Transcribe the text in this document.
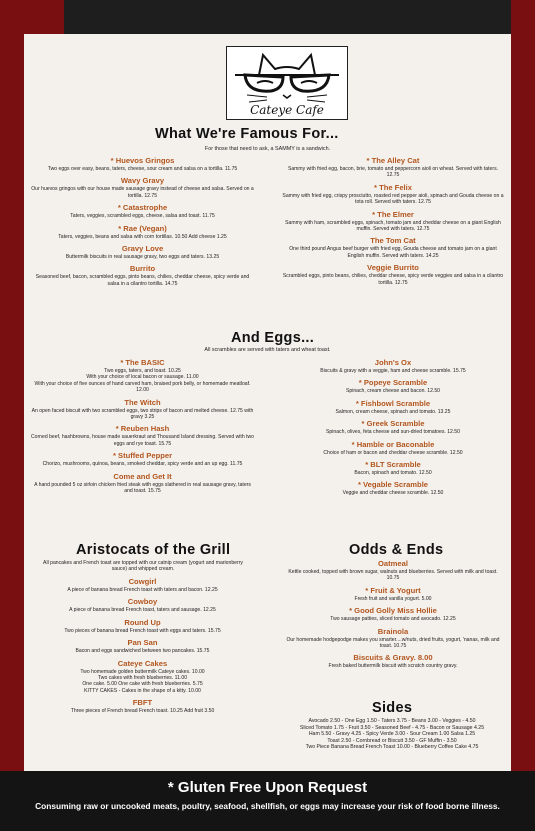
Cateye Cafe
What We're Famous For...
For those that need to ask, a SAMMY is a sandwich.
* Huevos Gringos
Two eggs over easy, beans, taters, cheese, sour cream and salsa on a tortilla. 11.75
Wavy Gravy
Our huevos gringos with our house made sausage gravy instead of cheese and salsa. Served on a tortilla. 12.75
* Catastrophe
Taters, veggies, scrambled eggs, cheese, salsa and toast. 11.75
* Rae (Vegan)
Taters, veggies, beans and salsa with corn tortillas. 10.50 Add cheese 1.25
Gravy Love
Buttermilk biscuits in real sausage gravy, two eggs and taters. 13.25
Burrito
Seasoned beef, bacon, scrambled eggs, pinto beans, chilies, cheddar cheese, spicy verde and salsa in a cilantro tortilla. 14.75
* The Alley Cat
Sammy with fried egg, bacon, brie, tomato and peppercorn aioli on wheat. Served with taters. 12.75
* The Felix
Sammy with fried egg, crispy prosciutto, roasted red pepper aioli, spinach and Gouda cheese on a tota roll. Served with taters. 12.75
* The Elmer
Sammy with ham, scrambled eggs, spinach, tomato jam and cheddar cheese on a giant English muffin. Served with taters. 12.75
The Tom Cat
One third pound Angus beef burger with fried egg, Gouda cheese and tomato jam on a giant English muffin. Served with taters. 14.25
Veggie Burrito
Scrambled eggs, pinto beans, chilies, cheddar cheese, spicy verde veggies and salsa in a cilantro tortilla. 12.75
And Eggs...
All scrambles are served with taters and wheat toast.
* The BASIC
Two eggs, taters, and toast. 10.25
With your choice of local bacon or sausage. 11.00
With your choice of five ounces of hand carved ham, braised pork belly, or homemade meatloaf. 12.00
The Witch
An open faced biscuit with two scrambled eggs, two strips of bacon and melted cheese. 12.75 with gravy 3.25
* Reuben Hash
Corned beef, hashbrowns, house made sauerkraut and Thousand Island dressing. Served with two eggs and rye toast. 15.75
* Stuffed Pepper
Chorizo, mushrooms, quinoa, beans, smoked cheddar, spicy verde and an up egg. 11.75
Come and Get It
A hand pounded 5 oz sirloin chicken fried steak with eggs slathered in real sausage gravy, taters and toast. 15.75
John's Ox
Biscuits & gravy with a veggie, ham and cheese scramble. 15.75
* Popeye Scramble
Spinach, cream cheese and bacon. 12.50
* Fishbowl Scramble
Salmon, cream cheese, spinach and tomato. 13.25
* Greek Scramble
Spinach, olives, feta cheese and sun-dried tomatoes. 12.50
* Hamble or Baconable
Choice of ham or bacon and cheddar cheese scramble. 12.50
* BLT Scramble
Bacon, spinach and tomato. 12.50
* Vegable Scramble
Veggie and cheddar cheese scramble. 12.50
Aristocats of the Grill
All pancakes and French toast are topped with our catnip cream (yogurt and marionberry sauce) and whipped cream.
Cowgirl
A piece of banana bread French toast with taters and bacon. 12.25
Cowboy
A piece of banana bread French toast, taters and sausage. 12.25
Round Up
Two pieces of banana bread French toast with eggs and taters. 15.75
Pan San
Bacon and eggs sandwiched between two pancakes. 15.75
Cateye Cakes
Two homemade golden buttermilk Cateye cakes. 10.00
Two cakes with fresh blueberries. 11.00
One cake. 5.00 One cake with fresh blueberries. 5.75
KITTY CAKES - Cakes in the shape of a kitty. 10.00
FBFT
Three pieces of French bread French toast. 10.25 Add fruit 3.50
Odds & Ends
Oatmeal
Kettle cooked, topped with brown sugar, walnuts and blueberries. Served with milk and toast. 10.75
* Fruit & Yogurt
Fresh fruit and vanilla yogurt. 5.00
* Good Golly Miss Hollie
Two sausage patties, sliced tomato and avocado. 12.25
Brainola
Our homemade hodgepodge makes you smarter....w/nuts, dried fruits, yogurt, 'nanas, milk and toast. 10.75
Biscuits & Gravy. 8.00
Fresh baked buttermilk biscuit with scratch country gravy.
Sides
Avocado 2.50 - One Egg 1.50 - Taters 3.75 - Beans 3.00 - Veggies - 4.50
Sliced Tomato 1.75 - Fruit 3.50 - Seasoned Beef - 4.75 - Bacon or Sausage 4.25
Ham 5.50 - Gravy 4.25 - Spicy Verde 3.00 - Sour Cream 1.00 Salsa 1.25
Toast 2.50 - Cornbread or Biscuit 3.50 - GF Muffin - 3.50
Two Piece Banana Bread French Toast 10.00 - Blueberry Coffee Cake 4.75
* Gluten Free Upon Request
Consuming raw or uncooked meats, poultry, seafood, shellfish, or eggs may increase your risk of food borne illness.
